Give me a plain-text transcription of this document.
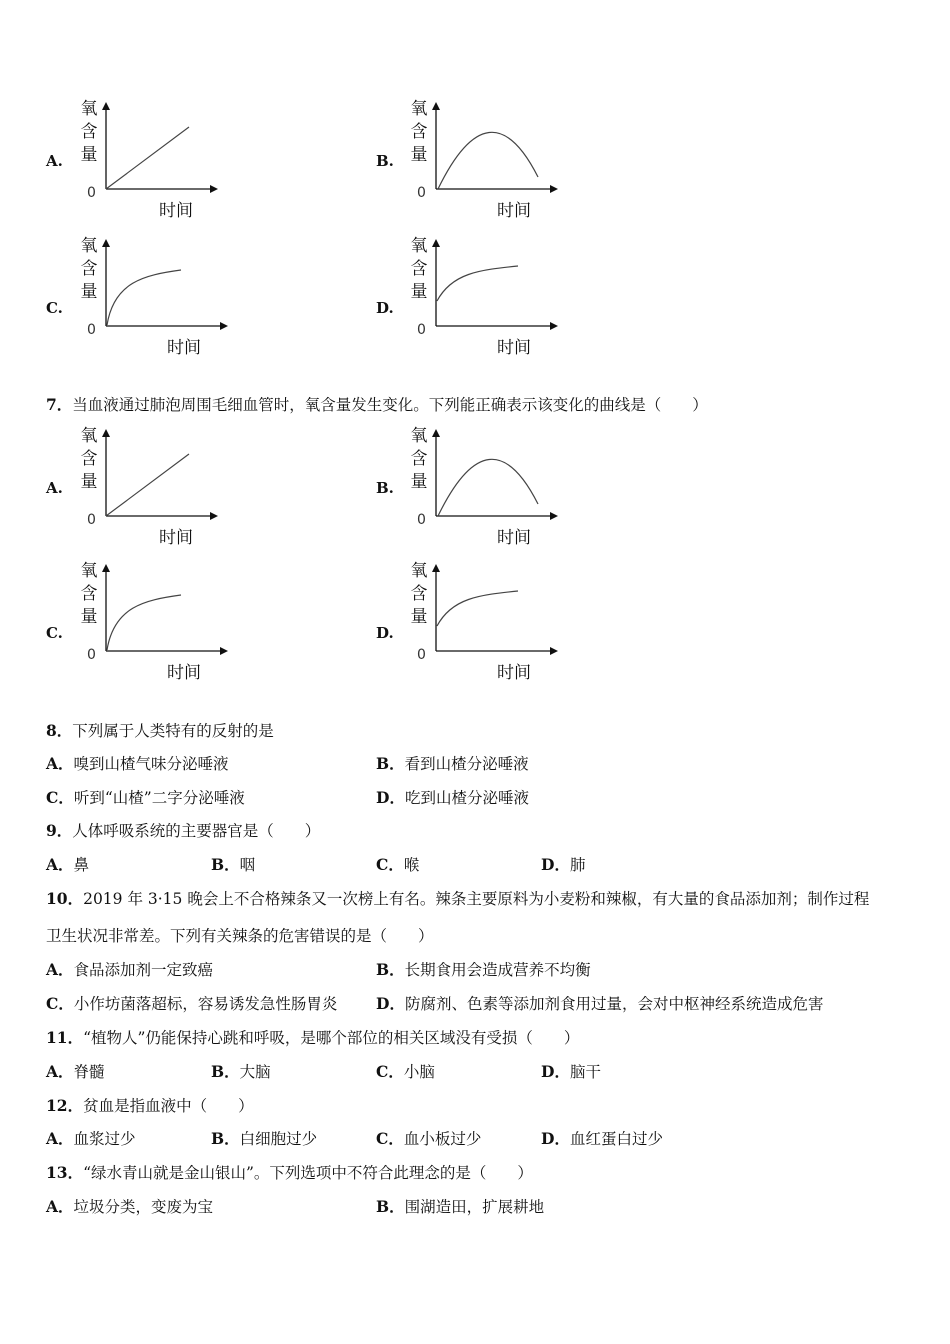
A.
氧
含
量
0
时间
B.
氧
含
量
0
时间
C.
氧
含
量
0
时间
D.
氧
含
量
0
时间
7．当血液通过肺泡周围毛细血管时，氧含量发生变化。下列能正确表示该变化的曲线是（　　）
A.
氧
含
量
0
时间
B.
氧
含
量
0
时间
C.
氧
含
量
0
时间
D.
氧
含
量
0
时间
8．下列属于人类特有的反射的是
A．嗅到山楂气味分泌唾液	B．看到山楂分泌唾液
C．听到“山楂”二字分泌唾液	D．吃到山楂分泌唾液
9．人体呼吸系统的主要器官是（　　）
A．鼻	B．咽	C．喉	D．肺
10．2019 年 3·15 晚会上不合格辣条又一次榜上有名。辣条主要原料为小麦粉和辣椒，有大量的食品添加剂；制作过程
卫生状况非常差。下列有关辣条的危害错误的是（　　）
A．食品添加剂一定致癌	B．长期食用会造成营养不均衡
C．小作坊菌落超标，容易诱发急性肠胃炎 D．防腐剂、色素等添加剂食用过量，会对中枢神经系统造成危害
11．“植物人”仍能保持心跳和呼吸，是哪个部位的相关区域没有受损（　　）
A．脊髓	B．大脑	C．小脑	D．脑干
12．贫血是指血液中（　　）
A．血浆过少	B．白细胞过少	C．血小板过少	D．血红蛋白过少
13．“绿水青山就是金山银山”。下列选项中不符合此理念的是（　　）
A．垃圾分类，变废为宝	B．围湖造田，扩展耕地
